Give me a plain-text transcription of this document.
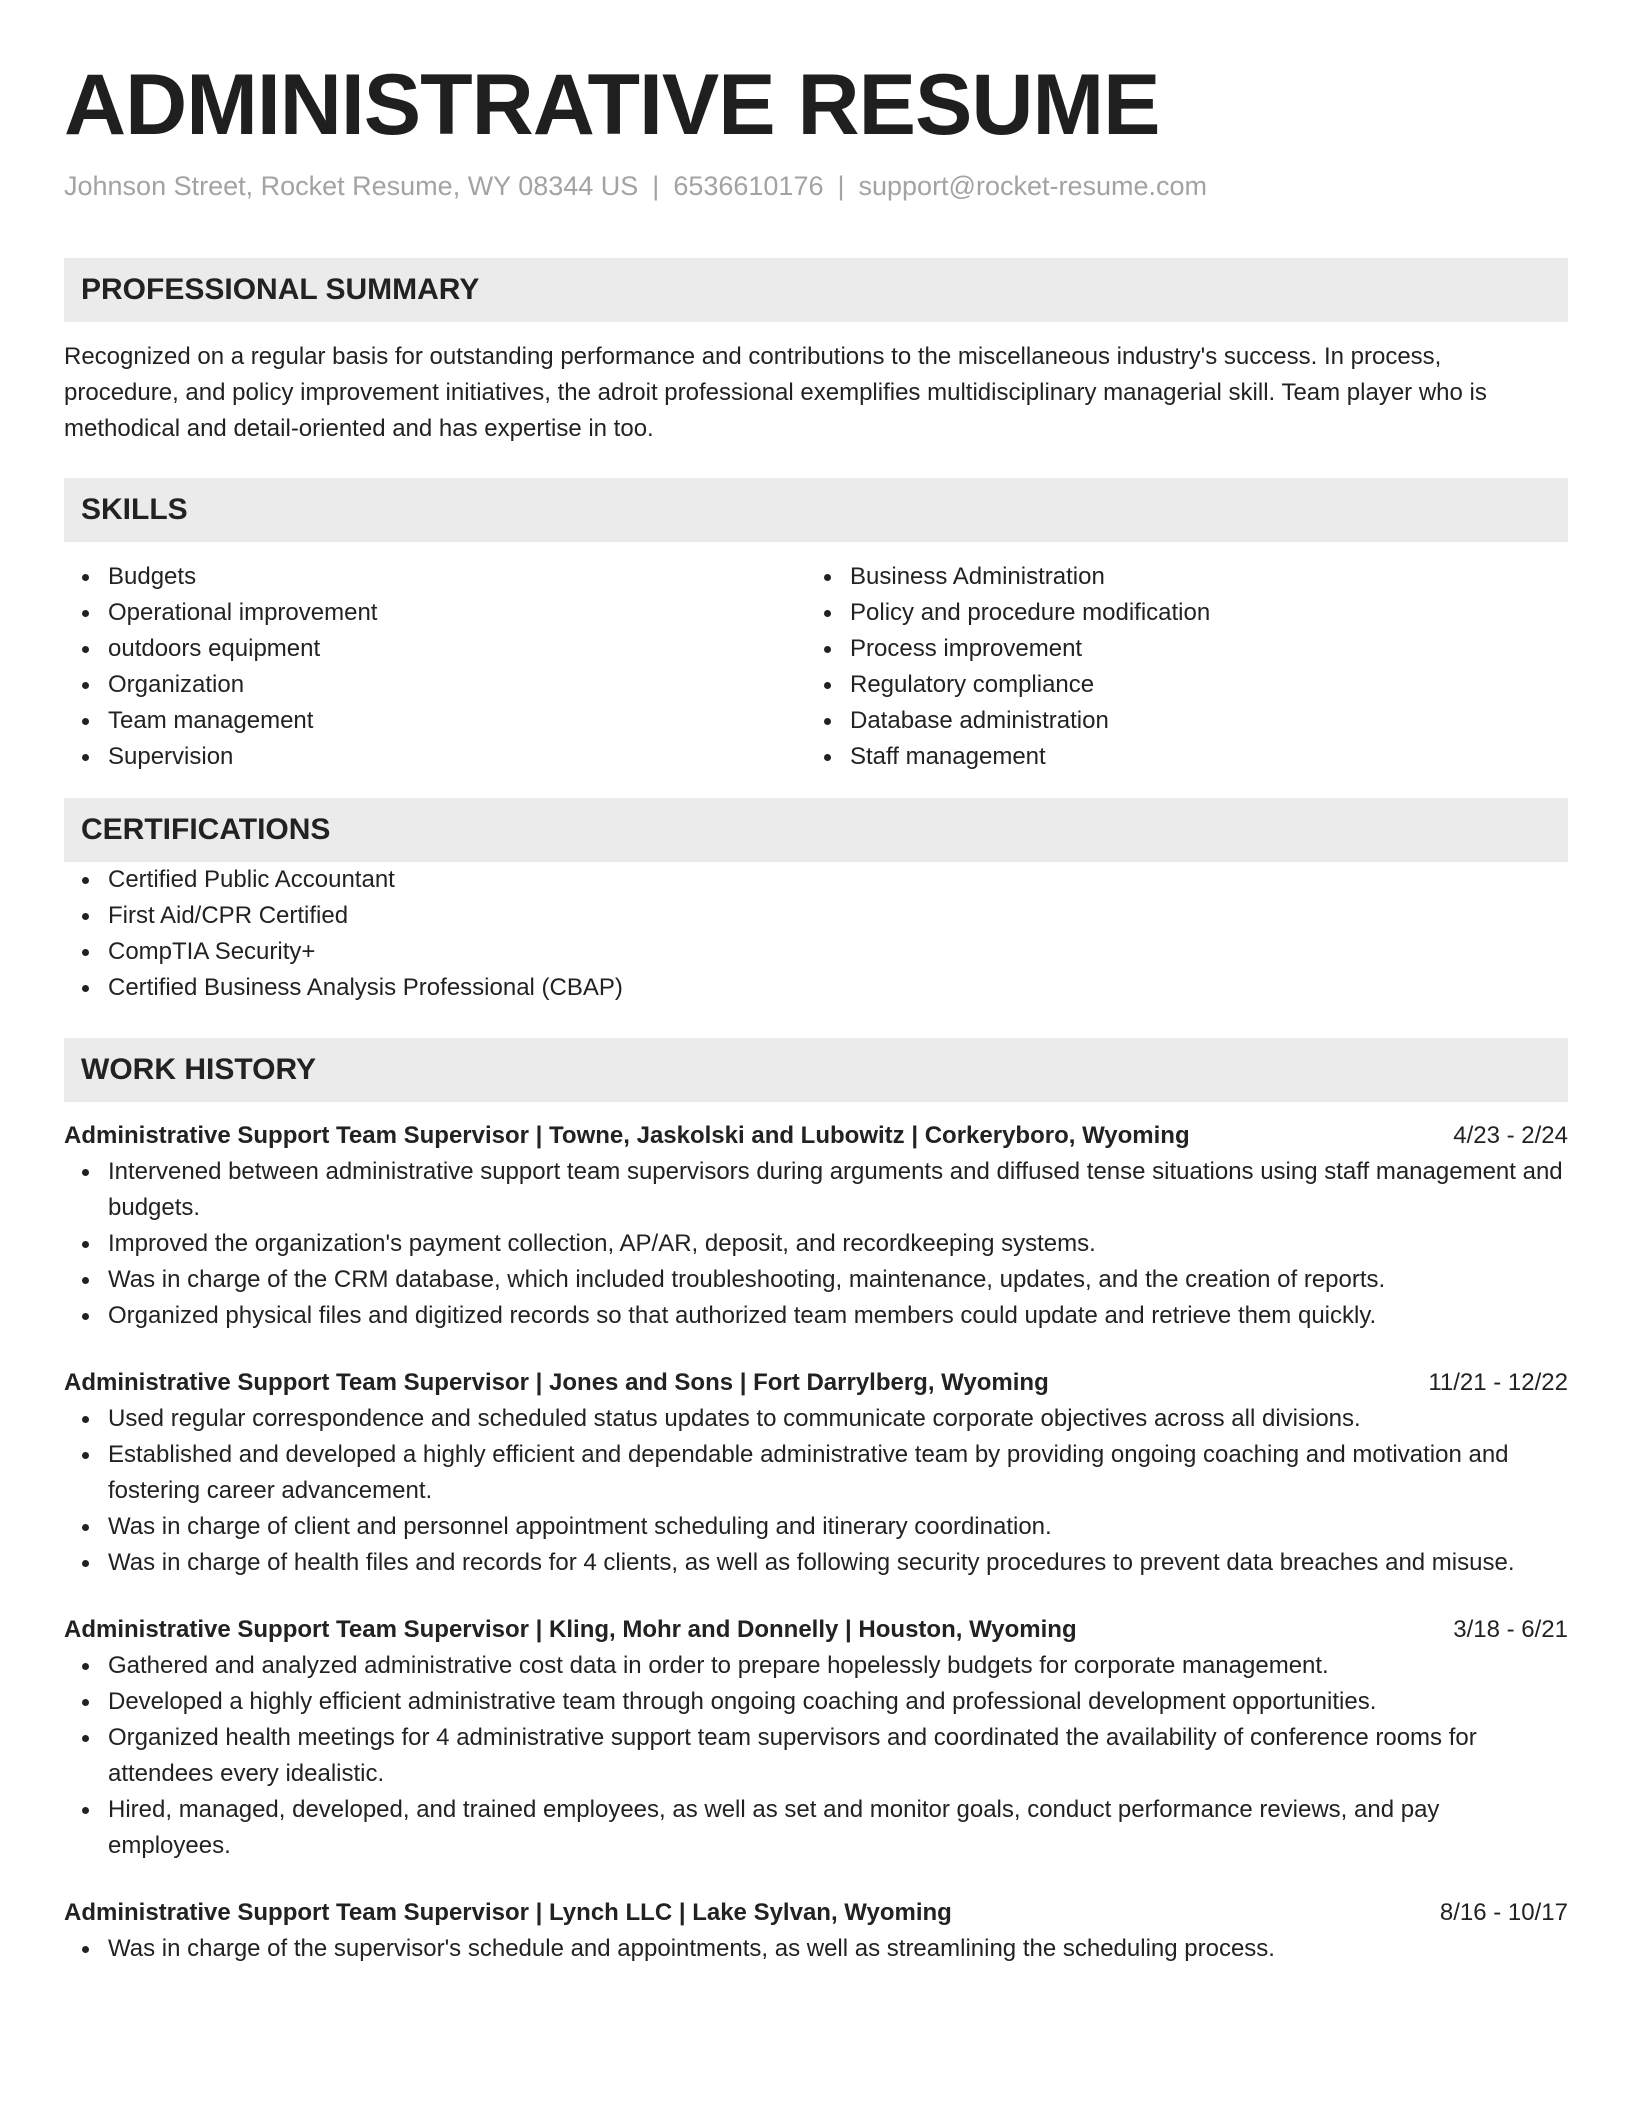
ADMINISTRATIVE RESUME
Johnson Street, Rocket Resume, WY 08344 US | 6536610176 | support@rocket-resume.com
PROFESSIONAL SUMMARY

Recognized on a regular basis for outstanding performance and contributions to the miscellaneous industry's success. In process, procedure, and policy improvement initiatives, the adroit professional exemplifies multidisciplinary managerial skill. Team player who is methodical and detail-oriented and has expertise in too.

SKILLS
Budgets
Operational improvement
outdoors equipment
Organization
Team management
Supervision
Business Administration
Policy and procedure modification
Process improvement
Regulatory compliance
Database administration
Staff management
CERTIFICATIONS
Certified Public Accountant
First Aid/CPR Certified
CompTIA Security+
Certified Business Analysis Professional (CBAP)
WORK HISTORY
Administrative Support Team Supervisor | Towne, Jaskolski and Lubowitz | Corkeryboro, Wyoming	4/23 - 2/24
Intervened between administrative support team supervisors during arguments and diffused tense situations using staff management and budgets.
Improved the organization's payment collection, AP/AR, deposit, and recordkeeping systems.
Was in charge of the CRM database, which included troubleshooting, maintenance, updates, and the creation of reports.
Organized physical files and digitized records so that authorized team members could update and retrieve them quickly.
Administrative Support Team Supervisor | Jones and Sons | Fort Darrylberg, Wyoming	11/21 - 12/22
Used regular correspondence and scheduled status updates to communicate corporate objectives across all divisions.
Established and developed a highly efficient and dependable administrative team by providing ongoing coaching and motivation and fostering career advancement.
Was in charge of client and personnel appointment scheduling and itinerary coordination.
Was in charge of health files and records for 4 clients, as well as following security procedures to prevent data breaches and misuse.
Administrative Support Team Supervisor | Kling, Mohr and Donnelly | Houston, Wyoming	3/18 - 6/21
Gathered and analyzed administrative cost data in order to prepare hopelessly budgets for corporate management.
Developed a highly efficient administrative team through ongoing coaching and professional development opportunities.
Organized health meetings for 4 administrative support team supervisors and coordinated the availability of conference rooms for attendees every idealistic.
Hired, managed, developed, and trained employees, as well as set and monitor goals, conduct performance reviews, and pay employees.
Administrative Support Team Supervisor | Lynch LLC | Lake Sylvan, Wyoming	8/16 - 10/17
Was in charge of the supervisor's schedule and appointments, as well as streamlining the scheduling process.
